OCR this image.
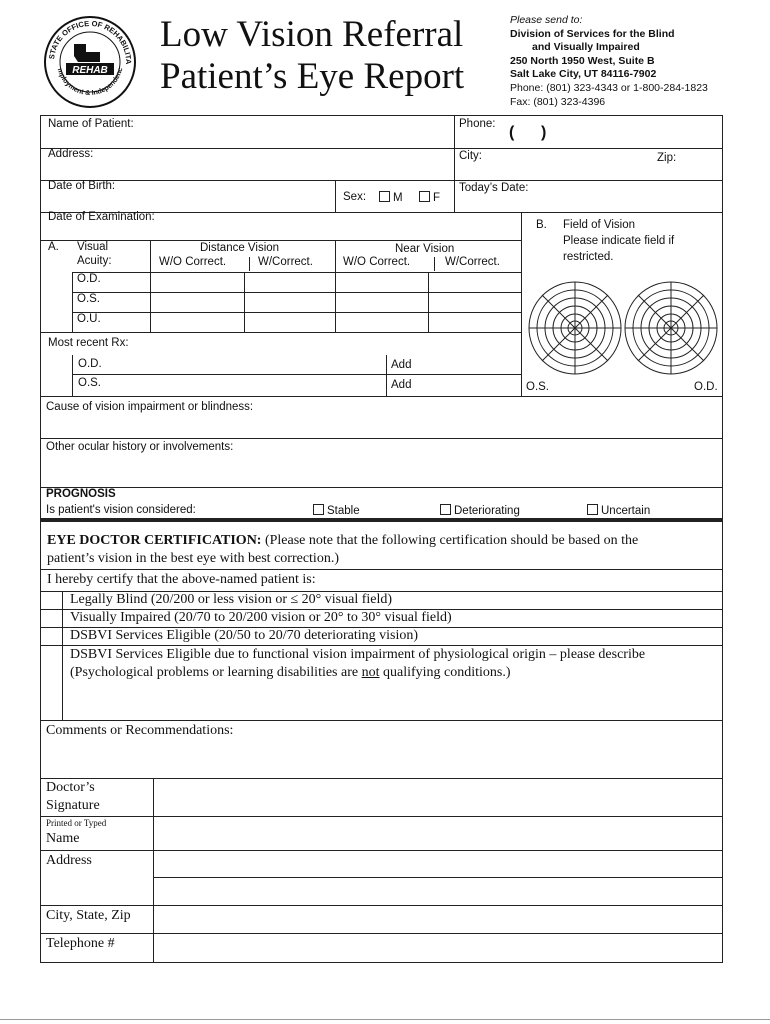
STATE OFFICE OF REHABILITA
REHAB
mployment & Independenc
Low Vision Referral
Patient’s Eye Report
Please send to:
Division of Services for the Blind
and Visually Impaired
250 North 1950 West, Suite B
Salt Lake City, UT 84116-7902
Phone: (801) 323-4343 or 1-800-284-1823
Fax: (801) 323-4396
Name of Patient:	Phone: (      )
Address:	City:	Zip:
Date of Birth:
Sex:	M	F
Today’s Date:
Date of Examination:
A. Visual
Acuity:
Distance Vision
W/O Correct.	W/Correct.
Near Vision
W/O Correct.	W/Correct.
O.D.
O.S.
O.U.
B. Field of Vision
Please indicate field if
restricted.
O.S.	O.D.
Most recent Rx:
O.D.
O.S.
Add
Add
Cause of vision impairment or blindness:
Other ocular history or involvements:
PROGNOSIS
Is patient's vision considered:	Stable	Deteriorating	Uncertain
EYE DOCTOR CERTIFICATION: (Please note that the following certification should be based on the
patient’s vision in the best eye with best correction.)
I hereby certify that the above-named patient is:
Legally Blind (20/200 or less vision or ≤ 20° visual field)
Visually Impaired (20/70 to 20/200 vision or 20° to 30° visual field)
DSBVI Services Eligible (20/50 to 20/70 deteriorating vision)
DSBVI Services Eligible due to functional vision impairment of physiological origin – please describe
(Psychological problems or learning disabilities are not qualifying conditions.)
Comments or Recommendations:
Doctor’s
Signature
Printed or Typed
Name
Address
City, State, Zip
Telephone #
